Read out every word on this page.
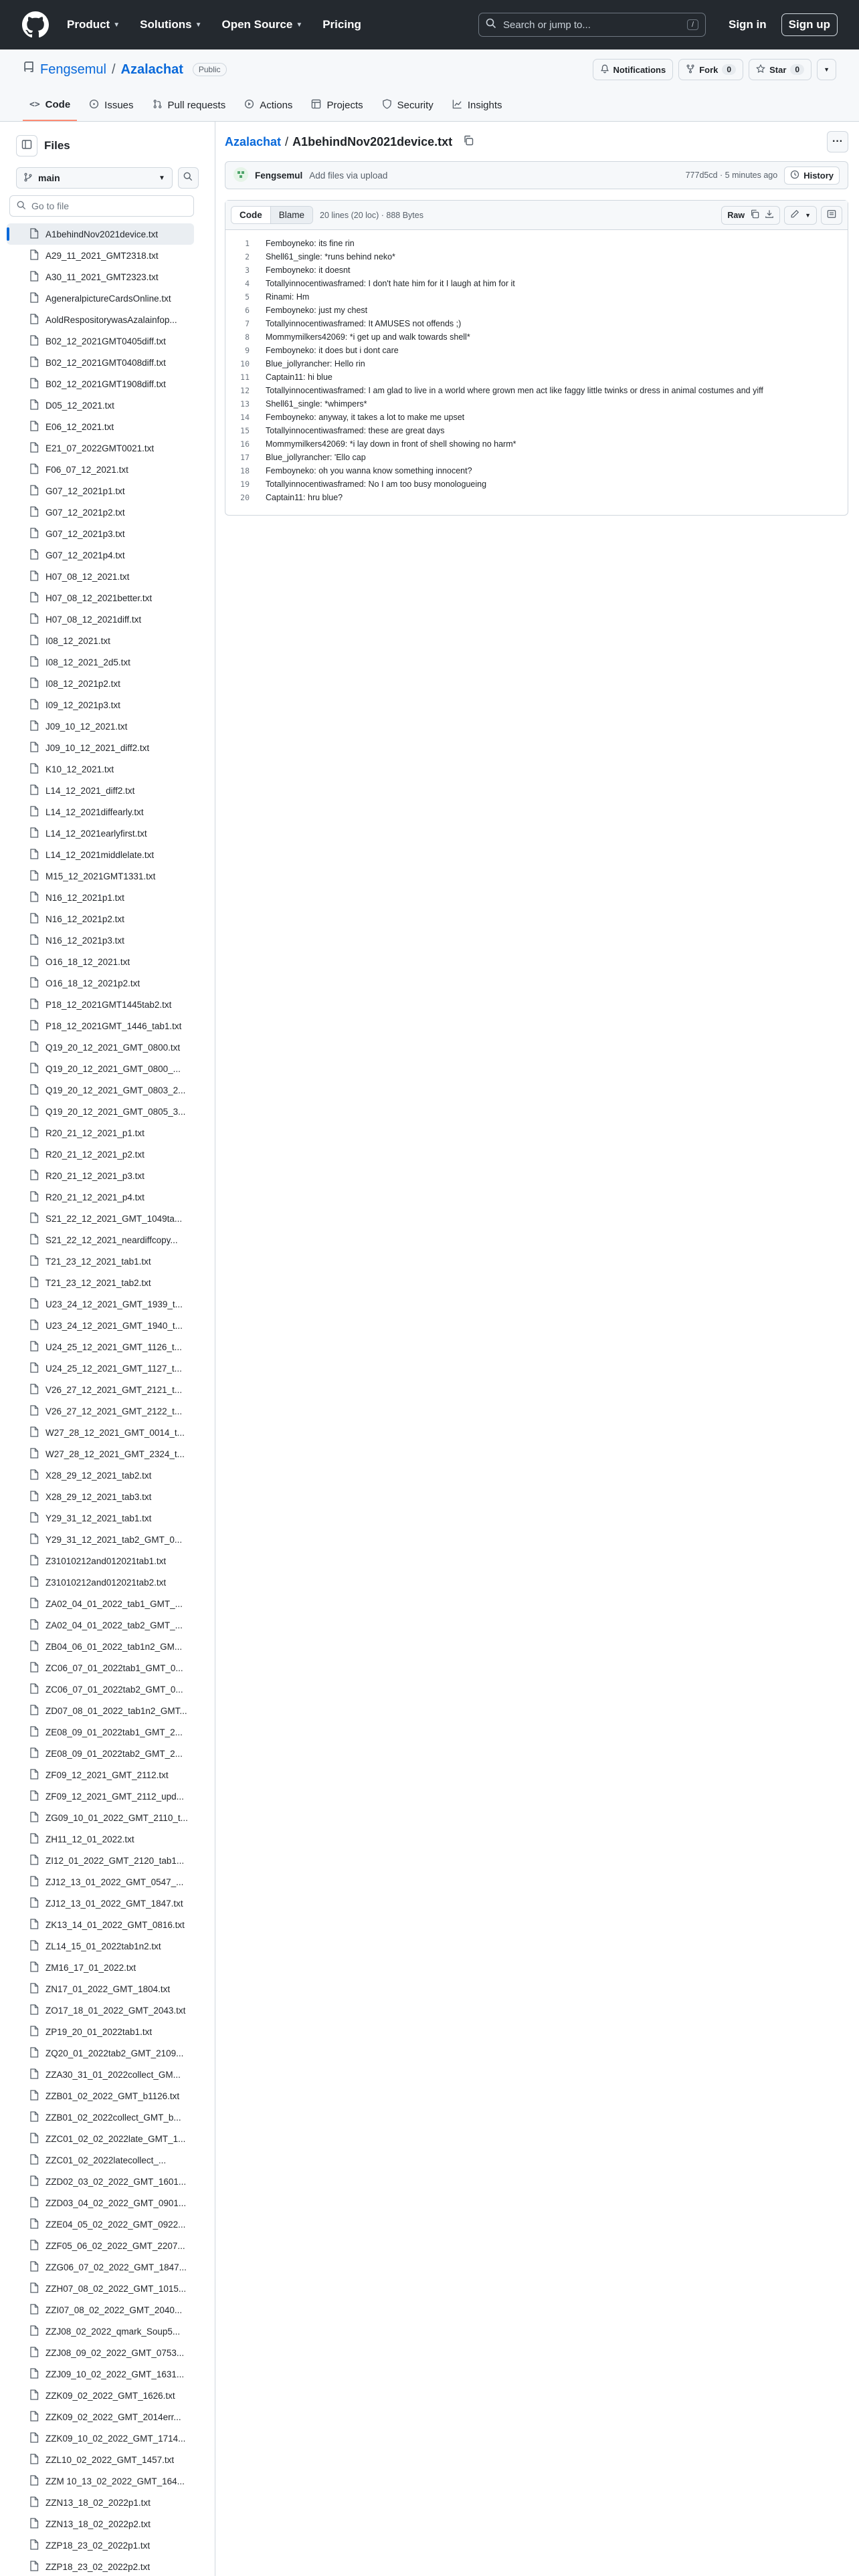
Product ▼ Solutions ▼ Open Source ▼ Pricing	Search or jump to...	/	Sign in	Sign up
Fengsemul / Azalachat	Public	Notifications	Fork	0	Star	0	▼
<> Code	Issues	Pull requests	Actions	Projects	Security	Insights
Files
main	▼
Go to file
A1behindNov2021device.txt
A29_11_2021_GMT2318.txt
A30_11_2021_GMT2323.txt
AgeneralpictureCardsOnline.txt
AoldRespositorywasAzalainfop...
B02_12_2021GMT0405diff.txt
B02_12_2021GMT0408diff.txt
B02_12_2021GMT1908diff.txt
D05_12_2021.txt
E06_12_2021.txt
E21_07_2022GMT0021.txt
F06_07_12_2021.txt
G07_12_2021p1.txt
G07_12_2021p2.txt
G07_12_2021p3.txt
G07_12_2021p4.txt
H07_08_12_2021.txt
H07_08_12_2021better.txt
H07_08_12_2021diff.txt
I08_12_2021.txt
I08_12_2021_2d5.txt
I08_12_2021p2.txt
I09_12_2021p3.txt
J09_10_12_2021.txt
J09_10_12_2021_diff2.txt
K10_12_2021.txt
L14_12_2021_diff2.txt
L14_12_2021diffearly.txt
L14_12_2021earlyfirst.txt
L14_12_2021middlelate.txt
M15_12_2021GMT1331.txt
N16_12_2021p1.txt
N16_12_2021p2.txt
N16_12_2021p3.txt
O16_18_12_2021.txt
O16_18_12_2021p2.txt
P18_12_2021GMT1445tab2.txt
P18_12_2021GMT_1446_tab1.txt
Q19_20_12_2021_GMT_0800.txt
Q19_20_12_2021_GMT_0800_...
Q19_20_12_2021_GMT_0803_2...
Q19_20_12_2021_GMT_0805_3...
R20_21_12_2021_p1.txt
R20_21_12_2021_p2.txt
R20_21_12_2021_p3.txt
R20_21_12_2021_p4.txt
S21_22_12_2021_GMT_1049ta...
S21_22_12_2021_neardiffcopy...
T21_23_12_2021_tab1.txt
T21_23_12_2021_tab2.txt
U23_24_12_2021_GMT_1939_t...
U23_24_12_2021_GMT_1940_t...
U24_25_12_2021_GMT_1126_t...
U24_25_12_2021_GMT_1127_t...
V26_27_12_2021_GMT_2121_t...
V26_27_12_2021_GMT_2122_t...
W27_28_12_2021_GMT_0014_t...
W27_28_12_2021_GMT_2324_t...
X28_29_12_2021_tab2.txt
X28_29_12_2021_tab3.txt
Y29_31_12_2021_tab1.txt
Y29_31_12_2021_tab2_GMT_0...
Z31010212and012021tab1.txt
Z31010212and012021tab2.txt
ZA02_04_01_2022_tab1_GMT_...
ZA02_04_01_2022_tab2_GMT_...
ZB04_06_01_2022_tab1n2_GM...
ZC06_07_01_2022tab1_GMT_0...
ZC06_07_01_2022tab2_GMT_0...
ZD07_08_01_2022_tab1n2_GMT...
ZE08_09_01_2022tab1_GMT_2...
ZE08_09_01_2022tab2_GMT_2...
ZF09_12_2021_GMT_2112.txt
ZF09_12_2021_GMT_2112_upd...
ZG09_10_01_2022_GMT_2110_t...
ZH11_12_01_2022.txt
ZI12_01_2022_GMT_2120_tab1...
ZJ12_13_01_2022_GMT_0547_...
ZJ12_13_01_2022_GMT_1847.txt
ZK13_14_01_2022_GMT_0816.txt
ZL14_15_01_2022tab1n2.txt
ZM16_17_01_2022.txt
ZN17_01_2022_GMT_1804.txt
ZO17_18_01_2022_GMT_2043.txt
ZP19_20_01_2022tab1.txt
ZQ20_01_2022tab2_GMT_2109...
ZZA30_31_01_2022collect_GM...
ZZB01_02_2022_GMT_b1126.txt
ZZB01_02_2022collect_GMT_b...
ZZC01_02_02_2022late_GMT_1...
ZZC01_02_2022latecollect_...
ZZD02_03_02_2022_GMT_1601...
ZZD03_04_02_2022_GMT_0901...
ZZE04_05_02_2022_GMT_0922...
ZZF05_06_02_2022_GMT_2207...
ZZG06_07_02_2022_GMT_1847...
ZZH07_08_02_2022_GMT_1015...
ZZI07_08_02_2022_GMT_2040...
ZZJ08_02_2022_qmark_Soup5...
ZZJ08_09_02_2022_GMT_0753...
ZZJ09_10_02_2022_GMT_1631...
ZZK09_02_2022_GMT_1626.txt
ZZK09_02_2022_GMT_2014err...
ZZK09_10_02_2022_GMT_1714...
ZZL10_02_2022_GMT_1457.txt
ZZM 10_13_02_2022_GMT_164...
ZZN13_18_02_2022p1.txt
ZZN13_18_02_2022p2.txt
ZZP18_23_02_2022p1.txt
ZZP18_23_02_2022p2.txt
Azalachat / A1behindNov2021device.txt	···
Fengsemul Add files via upload	777d5cd · 5 minutes ago	History
Code	Blame	20 lines (20 loc) · 888 Bytes	Raw	▼
1	Femboyneko: its fine rin
2	Shell61_single: *runs behind neko*
3	Femboyneko: it doesnt
4	Totallyinnocentiwasframed: I don't hate him for it I laugh at him for it
5	Rinami: Hm
6	Femboyneko: just my chest
7	Totallyinnocentiwasframed: It AMUSES not offends ;)
8	Mommymilkers42069: *i get up and walk towards shell*
9	Femboyneko: it does but i dont care
10	Blue_jollyrancher: Hello rin
11	Captain11: hi blue
12	Totallyinnocentiwasframed: I am glad to live in a world where grown men act like faggy little twinks or dress in animal costumes and yiff
13	Shell61_single: *whimpers*
14	Femboyneko: anyway, it takes a lot to make me upset
15	Totallyinnocentiwasframed: these are great days
16	Mommymilkers42069: *i lay down in front of shell showing no harm*
17	Blue_jollyrancher: 'Ello cap
18	Femboyneko: oh you wanna know something innocent?
19	Totallyinnocentiwasframed: No I am too busy monologueing
20	Captain11: hru blue?
